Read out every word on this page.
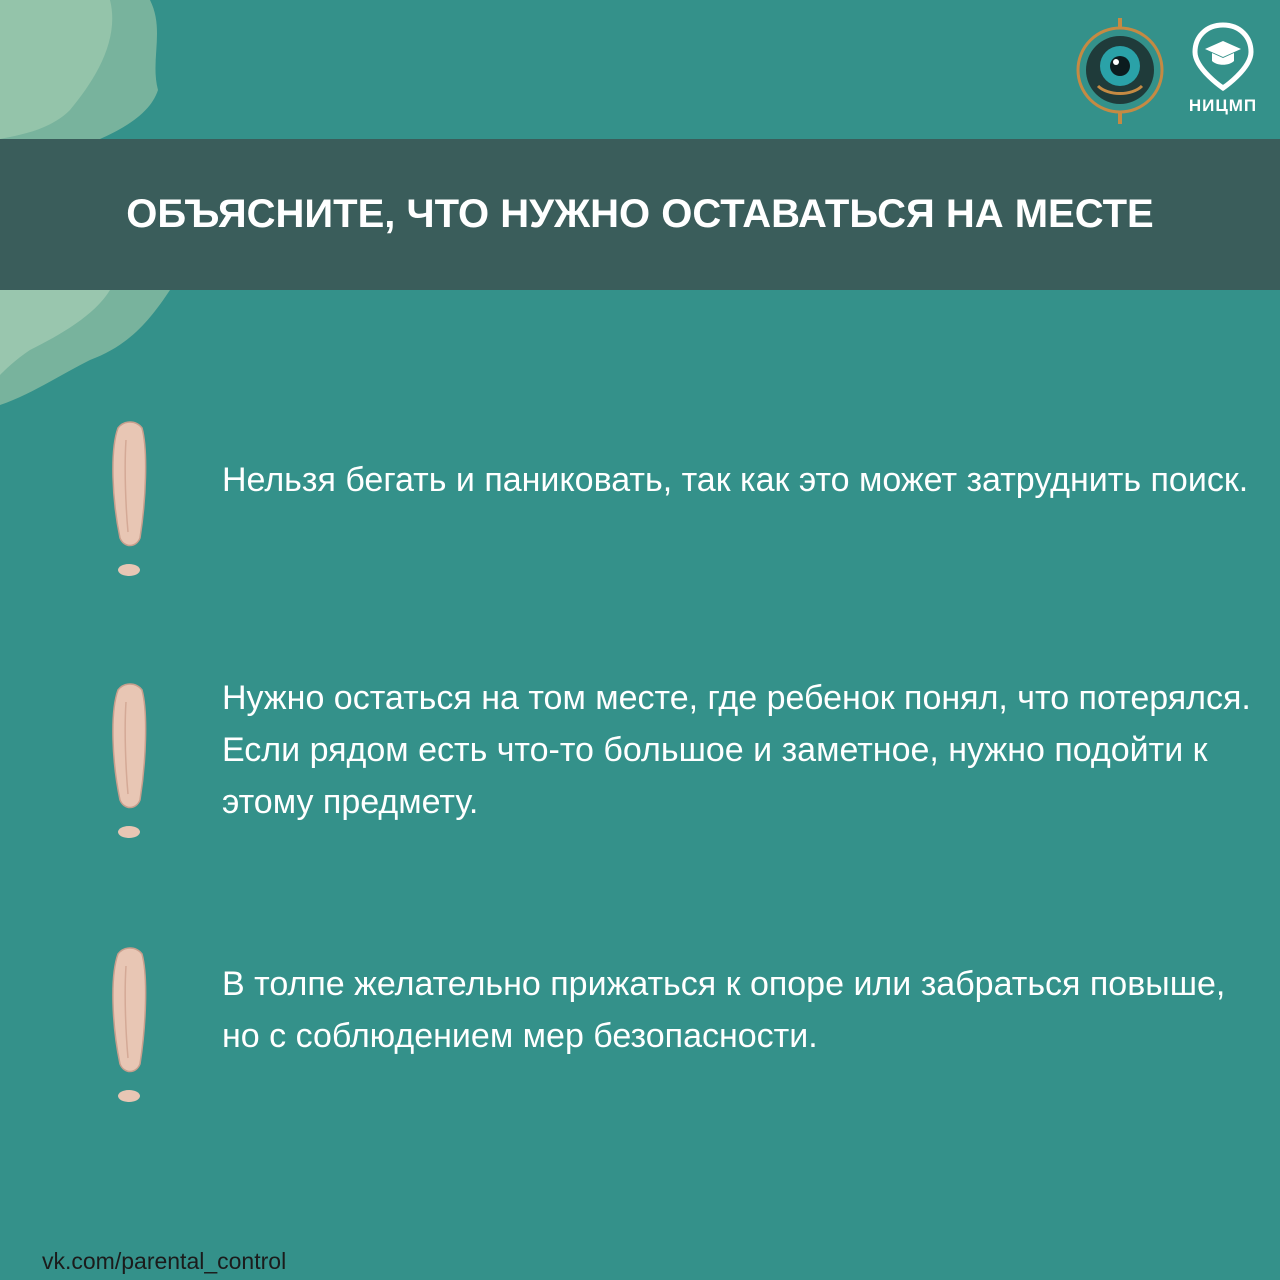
НИЦМП
ОБЪЯСНИТЕ, ЧТО НУЖНО ОСТАВАТЬСЯ НА МЕСТЕ
Нельзя бегать и паниковать, так как это может затруднить поиск.
Нужно остаться на том месте, где ребенок понял, что потерялся. Если рядом есть что-то большое и заметное, нужно подойти к этому предмету.
В толпе желательно прижаться к опоре или забраться повыше, но с соблюдением мер безопасности.
vk.com/parental_control
